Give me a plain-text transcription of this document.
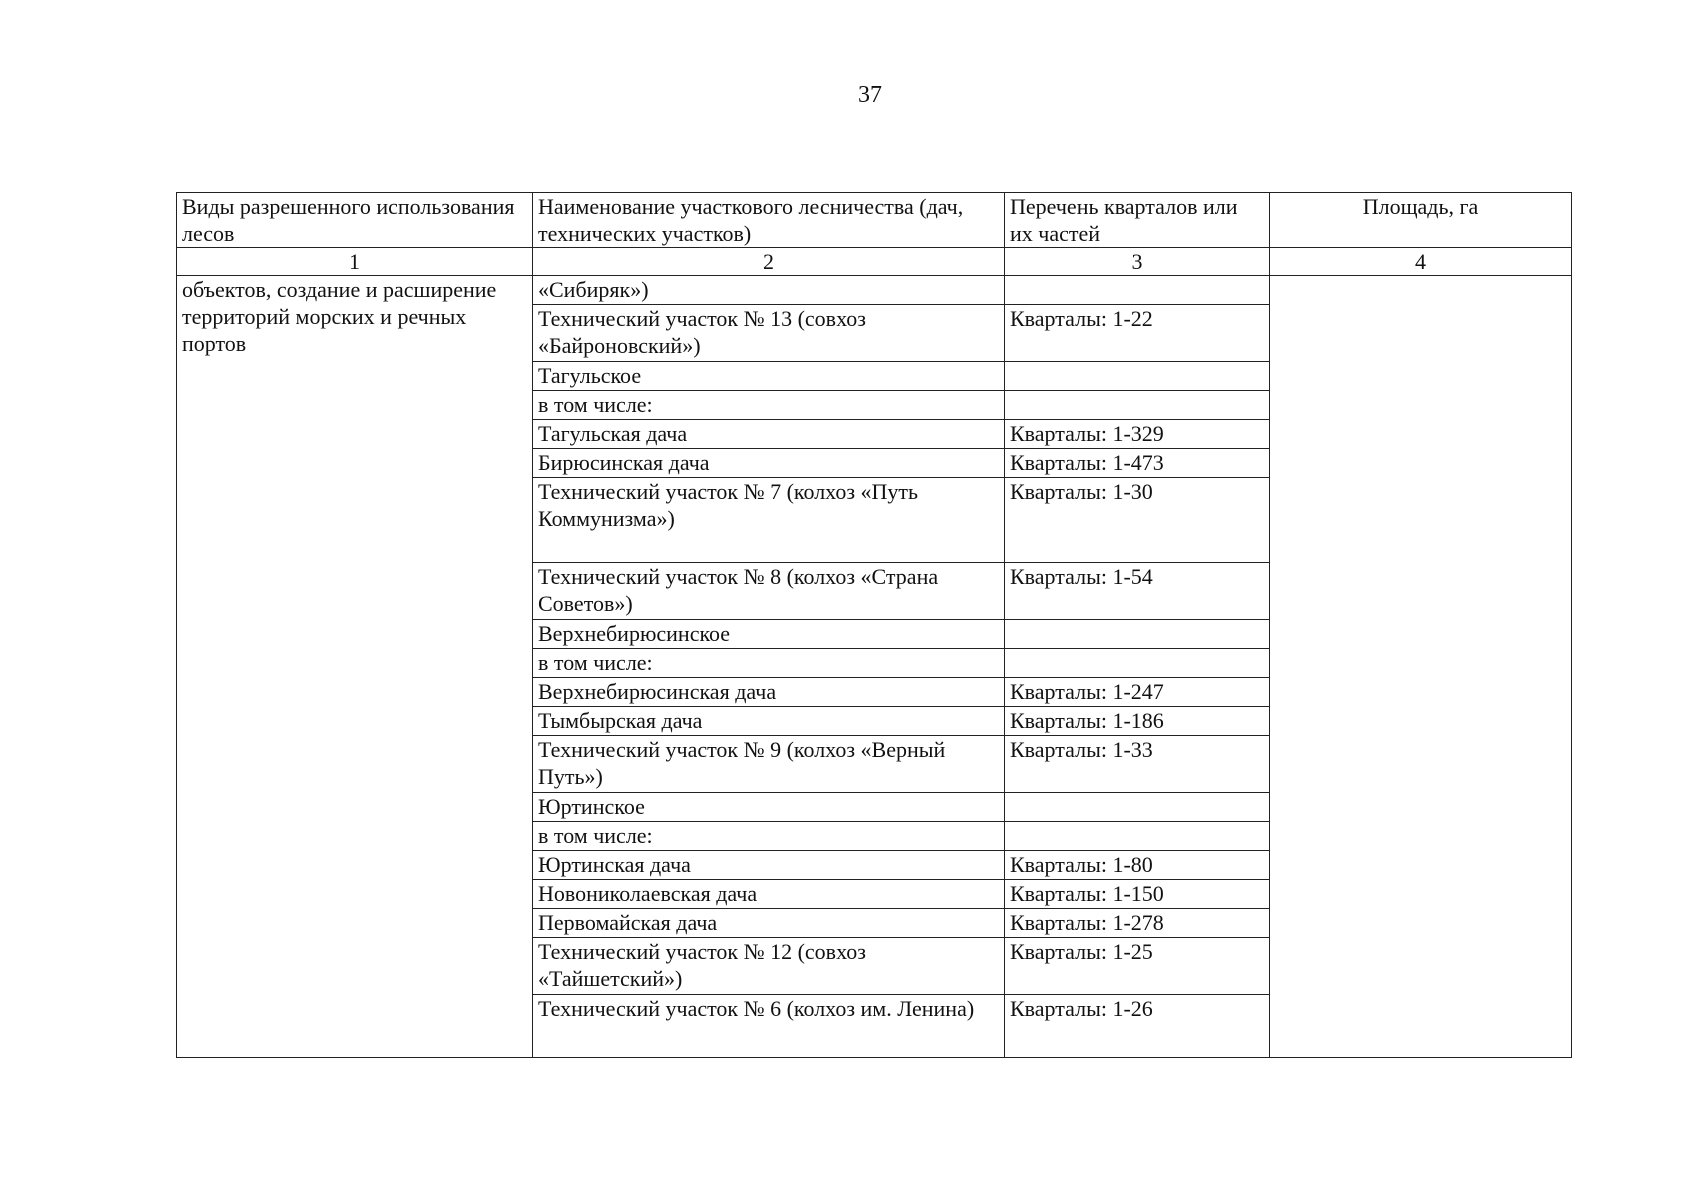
37
Виды разрешенного использования лесов	Наименование участкового лесничества (дач, технических участков)	Перечень кварталов или их частей	Площадь, га
1	2	3	4
объектов, создание и расширение территорий морских и речных портов	«Сибиряк»)		
	Технический участок № 13 (совхоз «Байроновский»)	Кварталы: 1-22	
	Тагульское		
	в том числе:		
	Тагульская дача	Кварталы: 1-329	
	Бирюсинская дача	Кварталы: 1-473	
	Технический участок № 7 (колхоз «Путь Коммунизма»)	Кварталы: 1-30	
	Технический участок № 8 (колхоз «Страна Советов»)	Кварталы: 1-54	
	Верхнебирюсинское		
	в том числе:		
	Верхнебирюсинская дача	Кварталы: 1-247	
	Тымбырская дача	Кварталы: 1-186	
	Технический участок № 9 (колхоз «Верный Путь»)	Кварталы: 1-33	
	Юртинское		
	в том числе:		
	Юртинская дача	Кварталы: 1-80	
	Новониколаевская дача	Кварталы: 1-150	
	Первомайская дача	Кварталы: 1-278	
	Технический участок № 12 (совхоз «Тайшетский»)	Кварталы: 1-25	
	Технический участок № 6 (колхоз им. Ленина)	Кварталы: 1-26	
